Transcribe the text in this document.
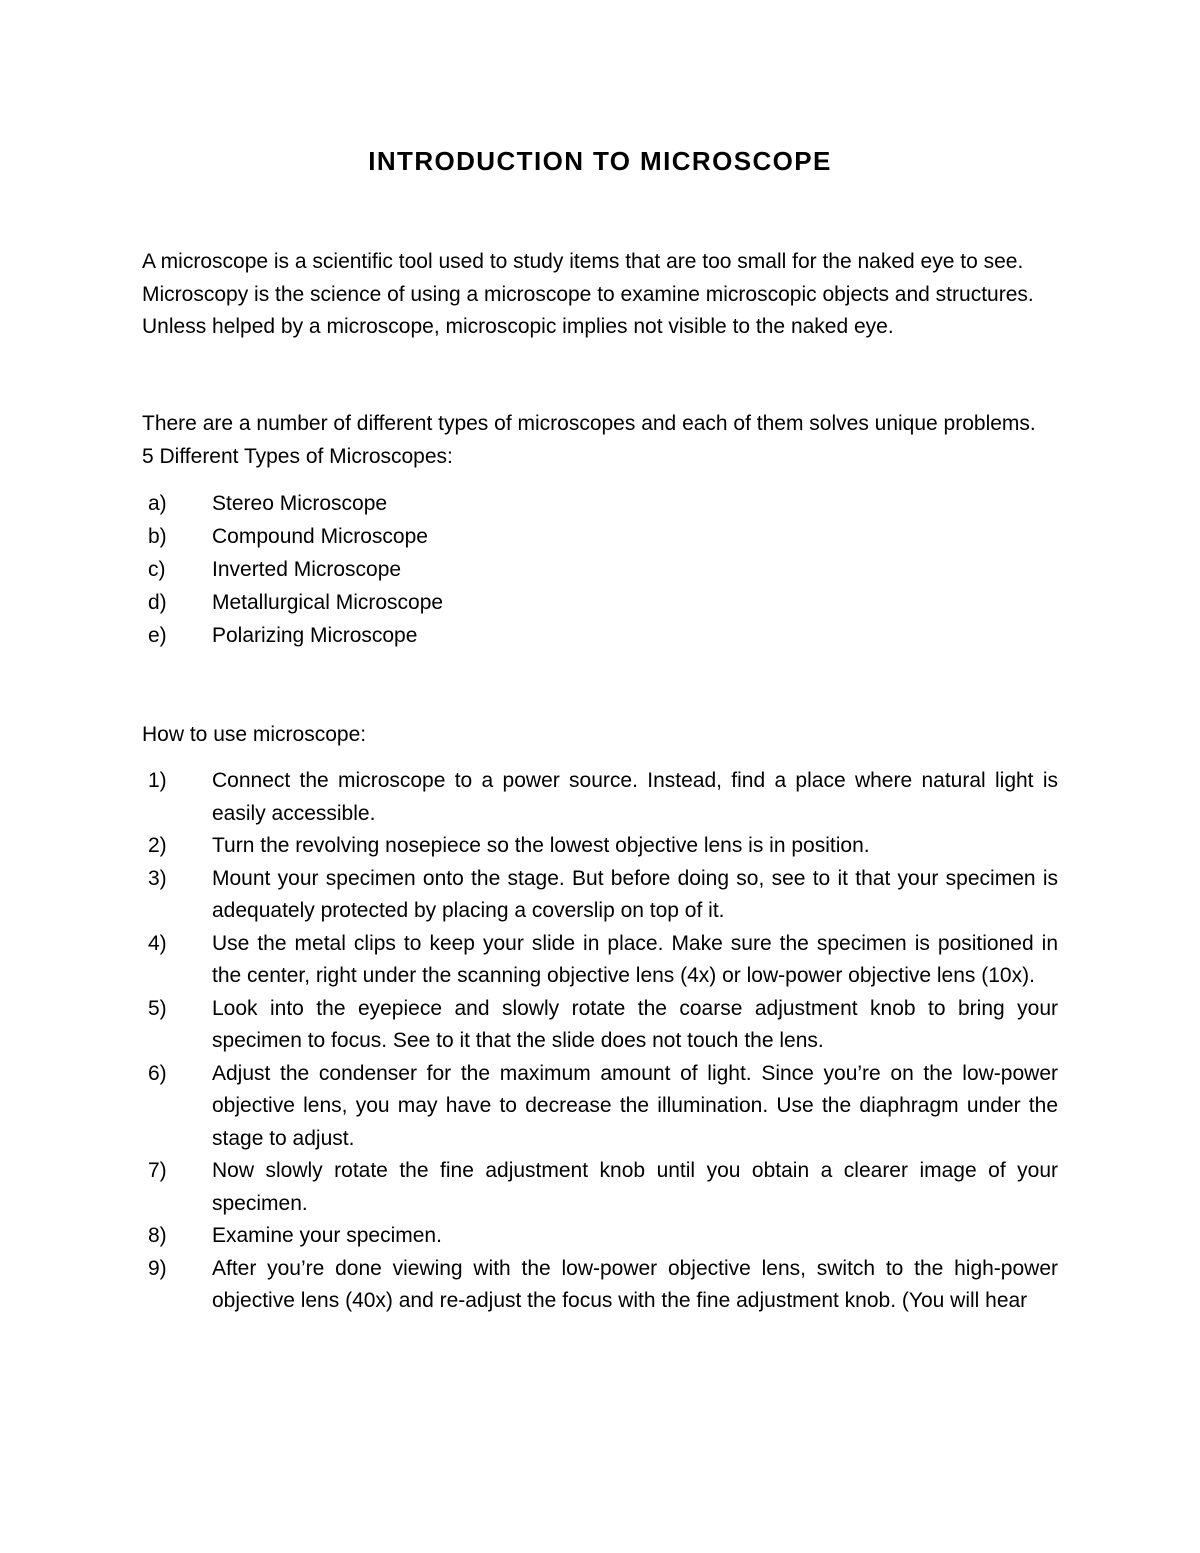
INTRODUCTION TO MICROSCOPE

A microscope is a scientific tool used to study items that are too small for the naked eye to see.
Microscopy is the science of using a microscope to examine microscopic objects and structures.
Unless helped by a microscope, microscopic implies not visible to the naked eye.

There are a number of different types of microscopes and each of them solves unique problems.
5 Different Types of Microscopes:

a) Stereo Microscope
b) Compound Microscope
c) Inverted Microscope
d) Metallurgical Microscope
e) Polarizing Microscope

How to use microscope:

1) Connect the microscope to a power source. Instead, find a place where natural light is easily accessible.
2) Turn the revolving nosepiece so the lowest objective lens is in position.
3) Mount your specimen onto the stage. But before doing so, see to it that your specimen is adequately protected by placing a coverslip on top of it.
4) Use the metal clips to keep your slide in place. Make sure the specimen is positioned in the center, right under the scanning objective lens (4x) or low-power objective lens (10x).
5) Look into the eyepiece and slowly rotate the coarse adjustment knob to bring your specimen to focus. See to it that the slide does not touch the lens.
6) Adjust the condenser for the maximum amount of light. Since you’re on the low-power objective lens, you may have to decrease the illumination. Use the diaphragm under the stage to adjust.
7) Now slowly rotate the fine adjustment knob until you obtain a clearer image of your specimen.
8) Examine your specimen.
9) After you’re done viewing with the low-power objective lens, switch to the high-power objective lens (40x) and re-adjust the focus with the fine adjustment knob. (You will hear
